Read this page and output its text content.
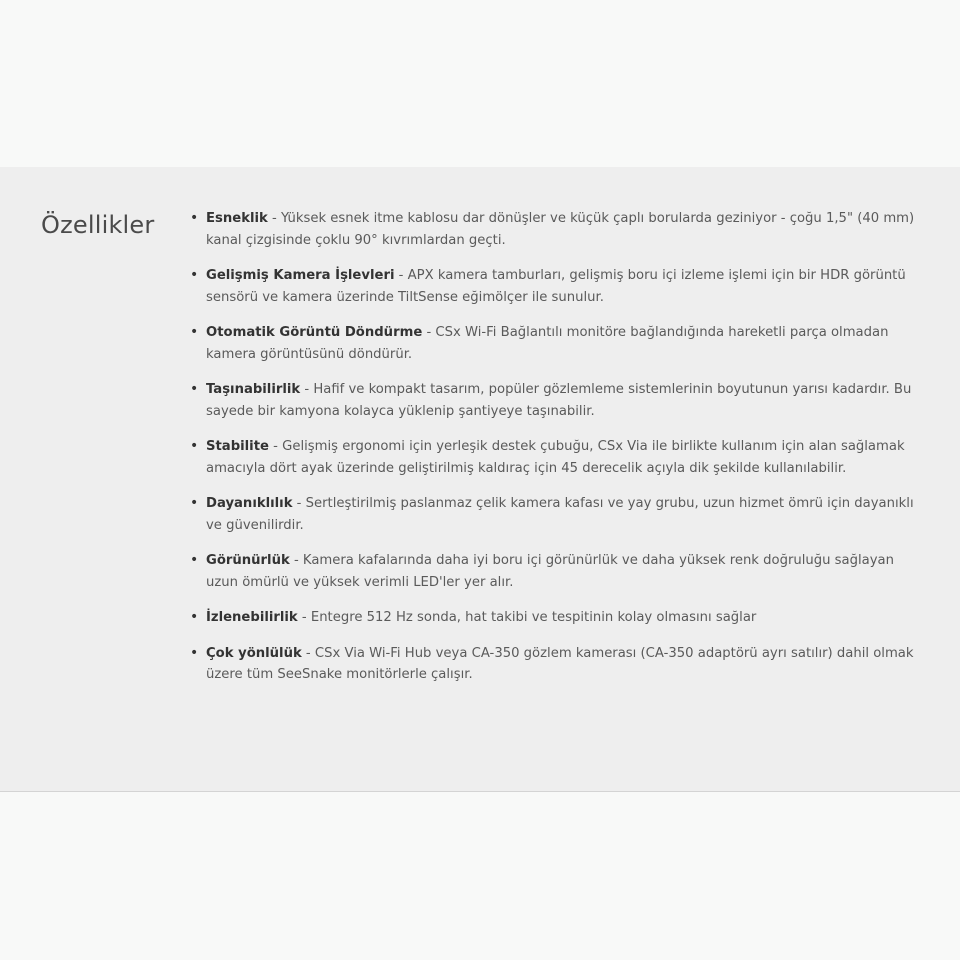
Özellikler	• Esneklik - Yüksek esnek itme kablosu dar dönüşler ve küçük çaplı borularda geziniyor - çoğu 1,5" (40 mm) kanal çizgisinde çoklu 90° kıvrımlardan geçti.
• Gelişmiş Kamera İşlevleri - APX kamera tamburları, gelişmiş boru içi izleme işlemi için bir HDR görüntü sensörü ve kamera üzerinde TiltSense eğimölçer ile sunulur.
• Otomatik Görüntü Döndürme - CSx Wi-Fi Bağlantılı monitöre bağlandığında hareketli parça olmadan kamera görüntüsünü döndürür.
• Taşınabilirlik - Hafif ve kompakt tasarım, popüler gözlemleme sistemlerinin boyutunun yarısı kadardır. Bu sayede bir kamyona kolayca yüklenip şantiyeye taşınabilir.
• Stabilite - Gelişmiş ergonomi için yerleşik destek çubuğu, CSx Via ile birlikte kullanım için alan sağlamak amacıyla dört ayak üzerinde geliştirilmiş kaldıraç için 45 derecelik açıyla dik şekilde kullanılabilir.
• Dayanıklılık - Sertleştirilmiş paslanmaz çelik kamera kafası ve yay grubu, uzun hizmet ömrü için dayanıklı ve güvenilirdir.
• Görünürlük - Kamera kafalarında daha iyi boru içi görünürlük ve daha yüksek renk doğruluğu sağlayan uzun ömürlü ve yüksek verimli LED'ler yer alır.
• İzlenebilirlik - Entegre 512 Hz sonda, hat takibi ve tespitinin kolay olmasını sağlar
• Çok yönlülük - CSx Via Wi-Fi Hub veya CA-350 gözlem kamerası (CA-350 adaptörü ayrı satılır) dahil olmak üzere tüm SeeSnake monitörlerle çalışır.
